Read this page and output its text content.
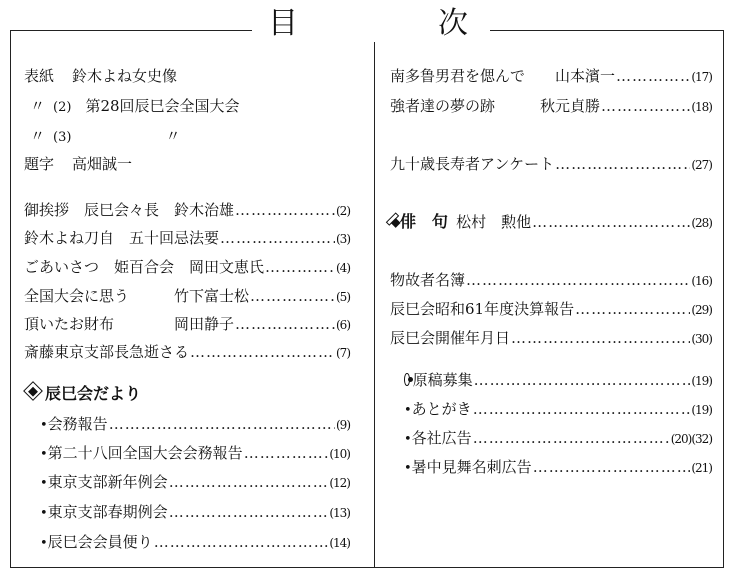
目	次
表紙 鈴木よね女史像
〃 (2) 第28回辰巳会全国大会
〃 (3)	〃
題字 高畑誠一
御挨拶　辰巳会々長　鈴木治雄 ……………………………………………………………………………………………………………	(2)
鈴木よね刀自　五十回忌法要 ……………………………………………………………………………………………………………	(3)
ごあいさつ　姫百合会　岡田文恵氏 ……………………………………………………………………………………………………………	(4)
全国大会に思う　　　竹下富士松 ……………………………………………………………………………………………………………	(5)
頂いたお財布　　　　岡田静子 ……………………………………………………………………………………………………………	(6)
斎藤東京支部長急逝さる ……………………………………………………………………………………………………………	(7)
辰巳会だより
• 会務報告 ……………………………………………………………………………………………………………	(9)
• 第二十八回全国大会会務報告 ……………………………………………………………………………………………………………	(10)
• 東京支部新年例会 ……………………………………………………………………………………………………………	(12)
• 東京支部春期例会 ……………………………………………………………………………………………………………	(13)
• 辰巳会会員便り ……………………………………………………………………………………………………………	(14)
南多鲁男君を偲んで　　山本濱一 ……………………………………………………………………………………………………………	(17)
強者達の夢の跡　　　秋元貞勝 ……………………………………………………………………………………………………………	(18)
九十歳長寿者アンケート ……………………………………………………………………………………………………………	(27)
俳　句 松村　勲他 ……………………………………………………………………………………………………………	(28)
物故者名簿 ……………………………………………………………………………………………………………	(16)
辰巳会昭和61年度決算報告 ……………………………………………………………………………………………………………	(29)
辰巳会開催年月日 ……………………………………………………………………………………………………………	(30)
原稿募集 ……………………………………………………………………………………………………………	(19)
• あとがき ……………………………………………………………………………………………………………	(19)
• 各社広告 ……………………………………………………………………………………………………………	(20)(32)
• 暑中見舞名刺広告 ……………………………………………………………………………………………………………	(21)
